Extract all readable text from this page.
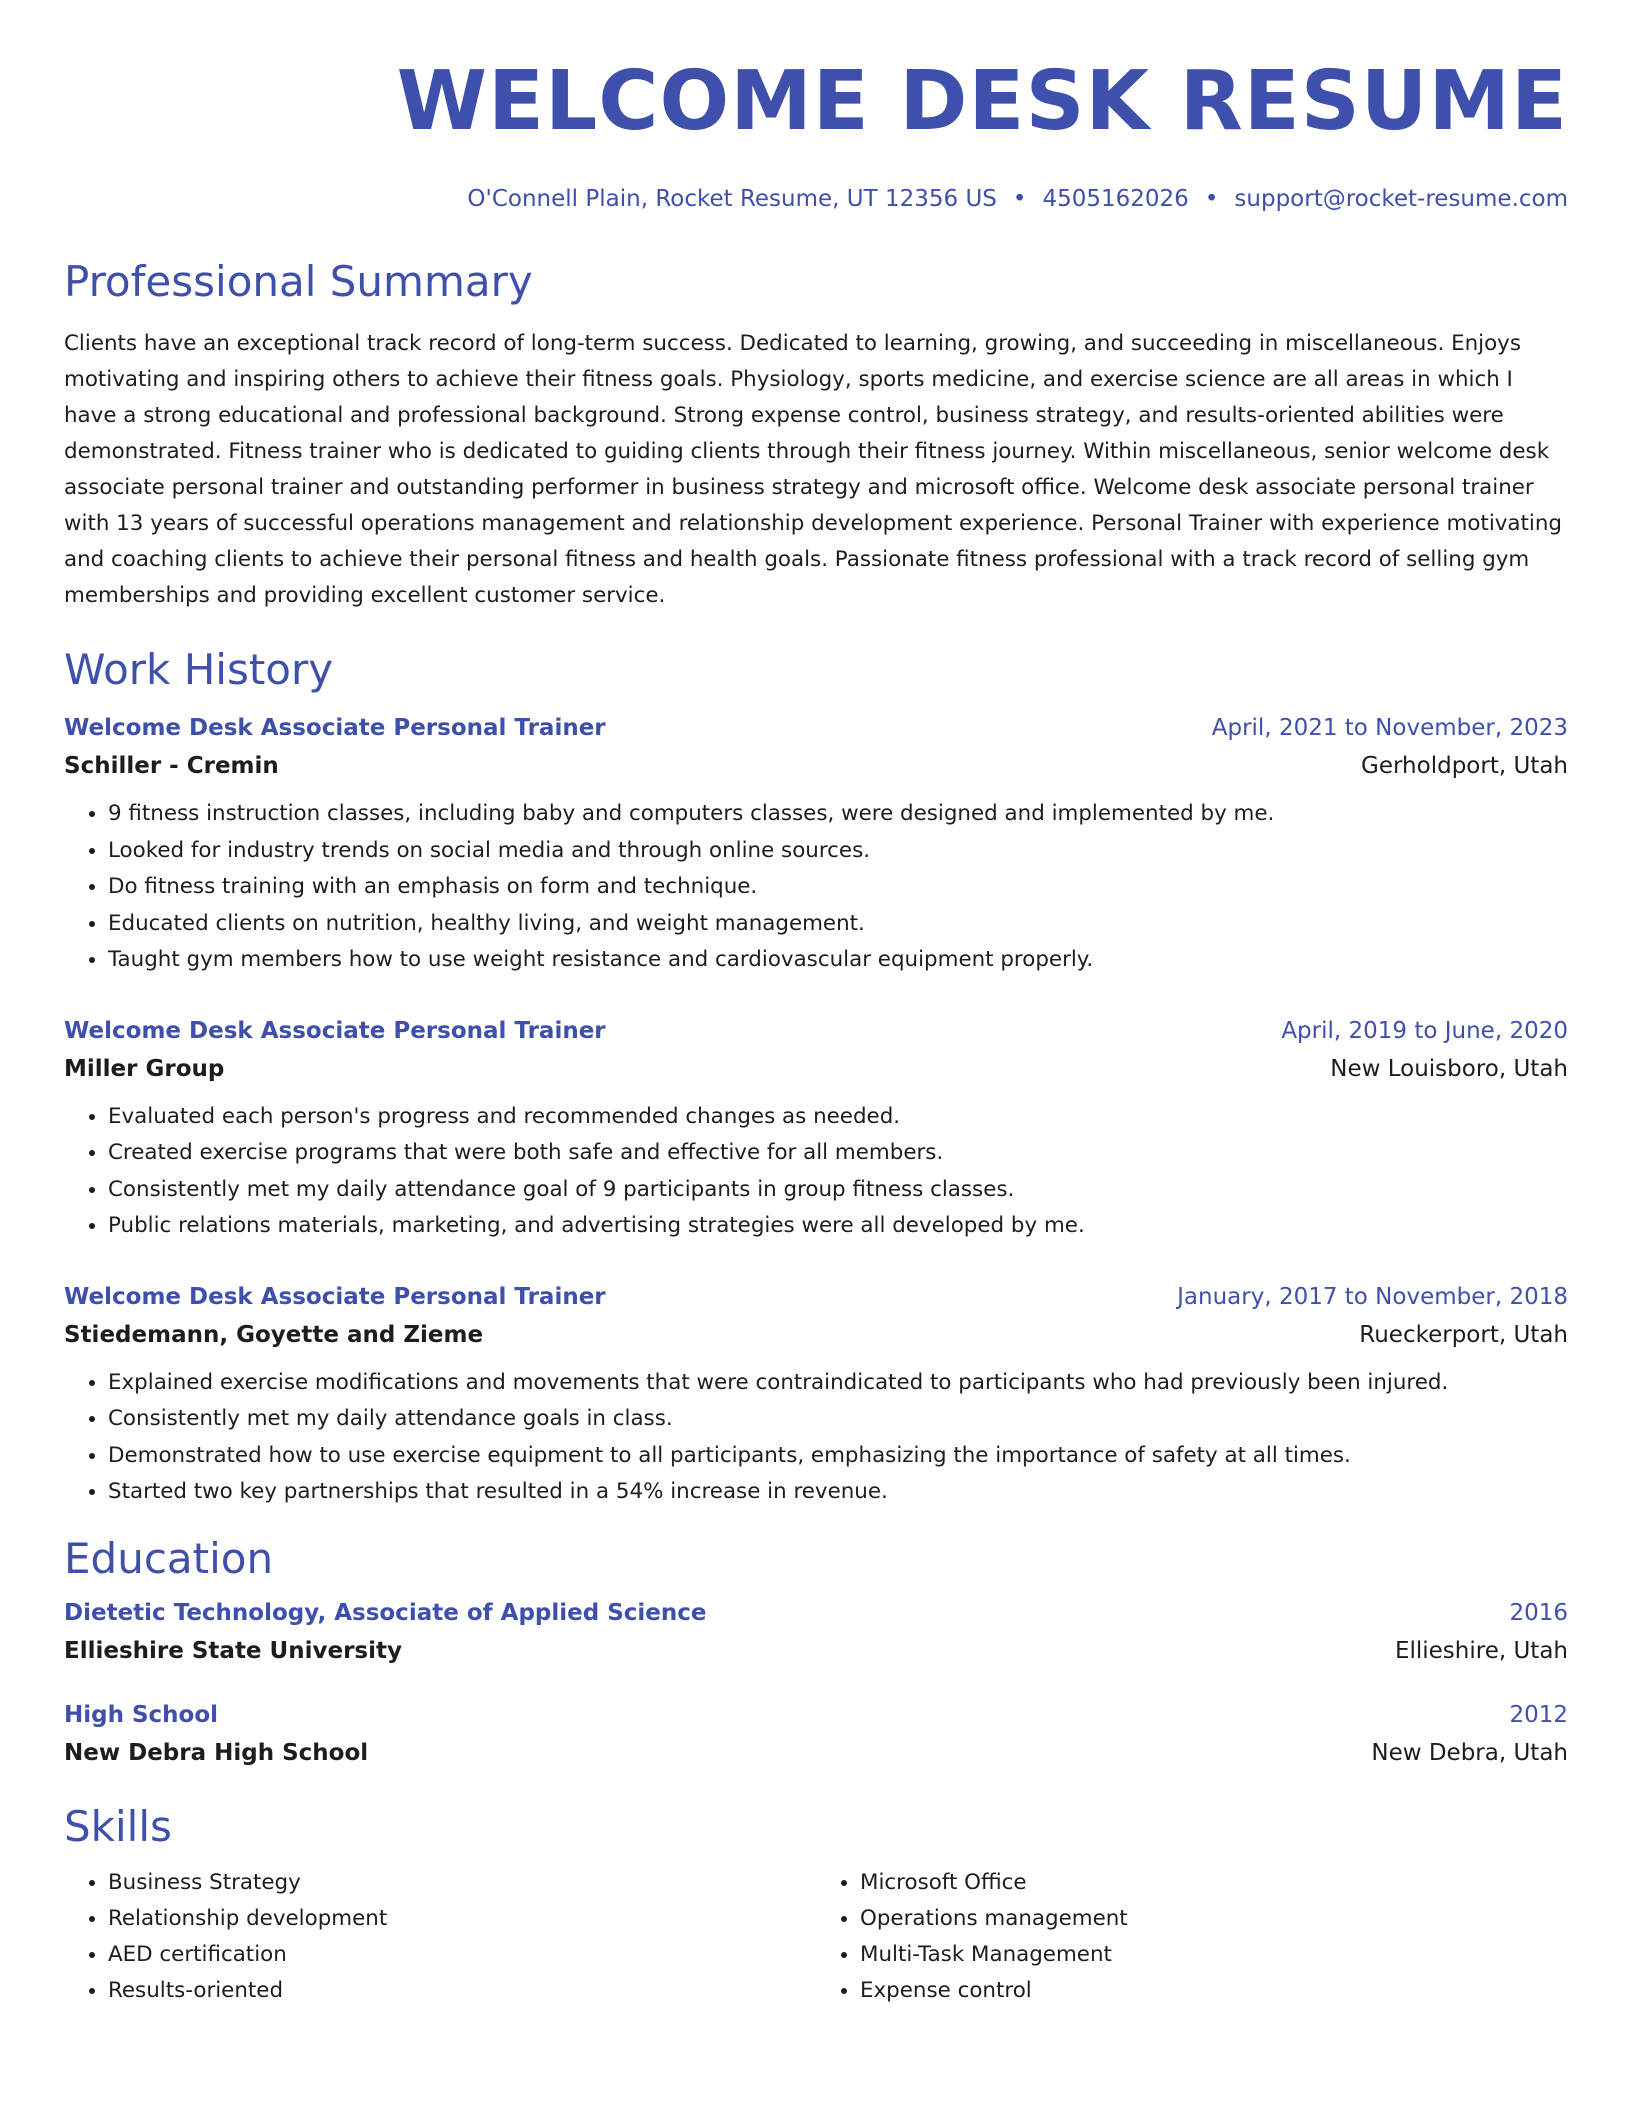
WELCOME DESK RESUME
O'Connell Plain, Rocket Resume, UT 12356 US • 4505162026 • support@rocket-resume.com
Professional Summary

Clients have an exceptional track record of long-term success. Dedicated to learning, growing, and succeeding in miscellaneous. Enjoys motivating and inspiring others to achieve their fitness goals. Physiology, sports medicine, and exercise science are all areas in which I have a strong educational and professional background. Strong expense control, business strategy, and results-oriented abilities were demonstrated. Fitness trainer who is dedicated to guiding clients through their fitness journey. Within miscellaneous, senior welcome desk associate personal trainer and outstanding performer in business strategy and microsoft office. Welcome desk associate personal trainer with 13 years of successful operations management and relationship development experience. Personal Trainer with experience motivating and coaching clients to achieve their personal fitness and health goals. Passionate fitness professional with a track record of selling gym memberships and providing excellent customer service.

Work History
Welcome Desk Associate Personal Trainer	April, 2021 to November, 2023
Schiller - Cremin	Gerholdport, Utah
• 9 fitness instruction classes, including baby and computers classes, were designed and implemented by me.
• Looked for industry trends on social media and through online sources.
• Do fitness training with an emphasis on form and technique.
• Educated clients on nutrition, healthy living, and weight management.
• Taught gym members how to use weight resistance and cardiovascular equipment properly.
Welcome Desk Associate Personal Trainer	April, 2019 to June, 2020
Miller Group	New Louisboro, Utah
• Evaluated each person's progress and recommended changes as needed.
• Created exercise programs that were both safe and effective for all members.
• Consistently met my daily attendance goal of 9 participants in group fitness classes.
• Public relations materials, marketing, and advertising strategies were all developed by me.
Welcome Desk Associate Personal Trainer	January, 2017 to November, 2018
Stiedemann, Goyette and Zieme	Rueckerport, Utah
• Explained exercise modifications and movements that were contraindicated to participants who had previously been injured.
• Consistently met my daily attendance goals in class.
• Demonstrated how to use exercise equipment to all participants, emphasizing the importance of safety at all times.
• Started two key partnerships that resulted in a 54% increase in revenue.
Education
Dietetic Technology, Associate of Applied Science	2016
Ellieshire State University	Ellieshire, Utah
High School	2012
New Debra High School	New Debra, Utah
Skills
• Business Strategy
• Relationship development
• AED certification
• Results-oriented
• Microsoft Office
• Operations management
• Multi-Task Management
• Expense control
